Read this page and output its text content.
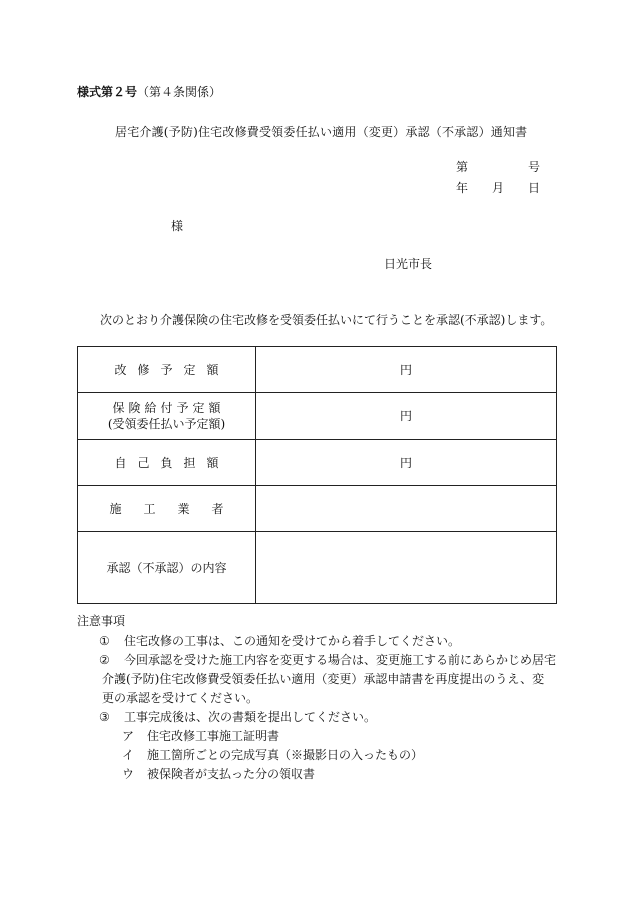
様式第２号（第４条関係）
居宅介護(予防)住宅改修費受領委任払い適用（変更）承認（不承認）通知書
第	号
年 月 日
様
日光市長
次のとおり介護保険の住宅改修を受領委任払いにて行うことを承認(不承認)します。
改修予定額	円

保険給付予定額
(受領委任払い予定額)	円
自己負担額	円
施工業者	
承認（不承認）の内容	
注意事項
① 住宅改修の工事は、この通知を受けてから着手してください。
② 今回承認を受けた施工内容を変更する場合は、変更施工する前にあらかじめ居宅
介護(予防)住宅改修費受領委任払い適用（変更）承認申請書を再度提出のうえ、変
更の承認を受けてください。
③ 工事完成後は、次の書類を提出してください。
ア 住宅改修工事施工証明書
イ 施工箇所ごとの完成写真（※撮影日の入ったもの）
ウ 被保険者が支払った分の領収書
